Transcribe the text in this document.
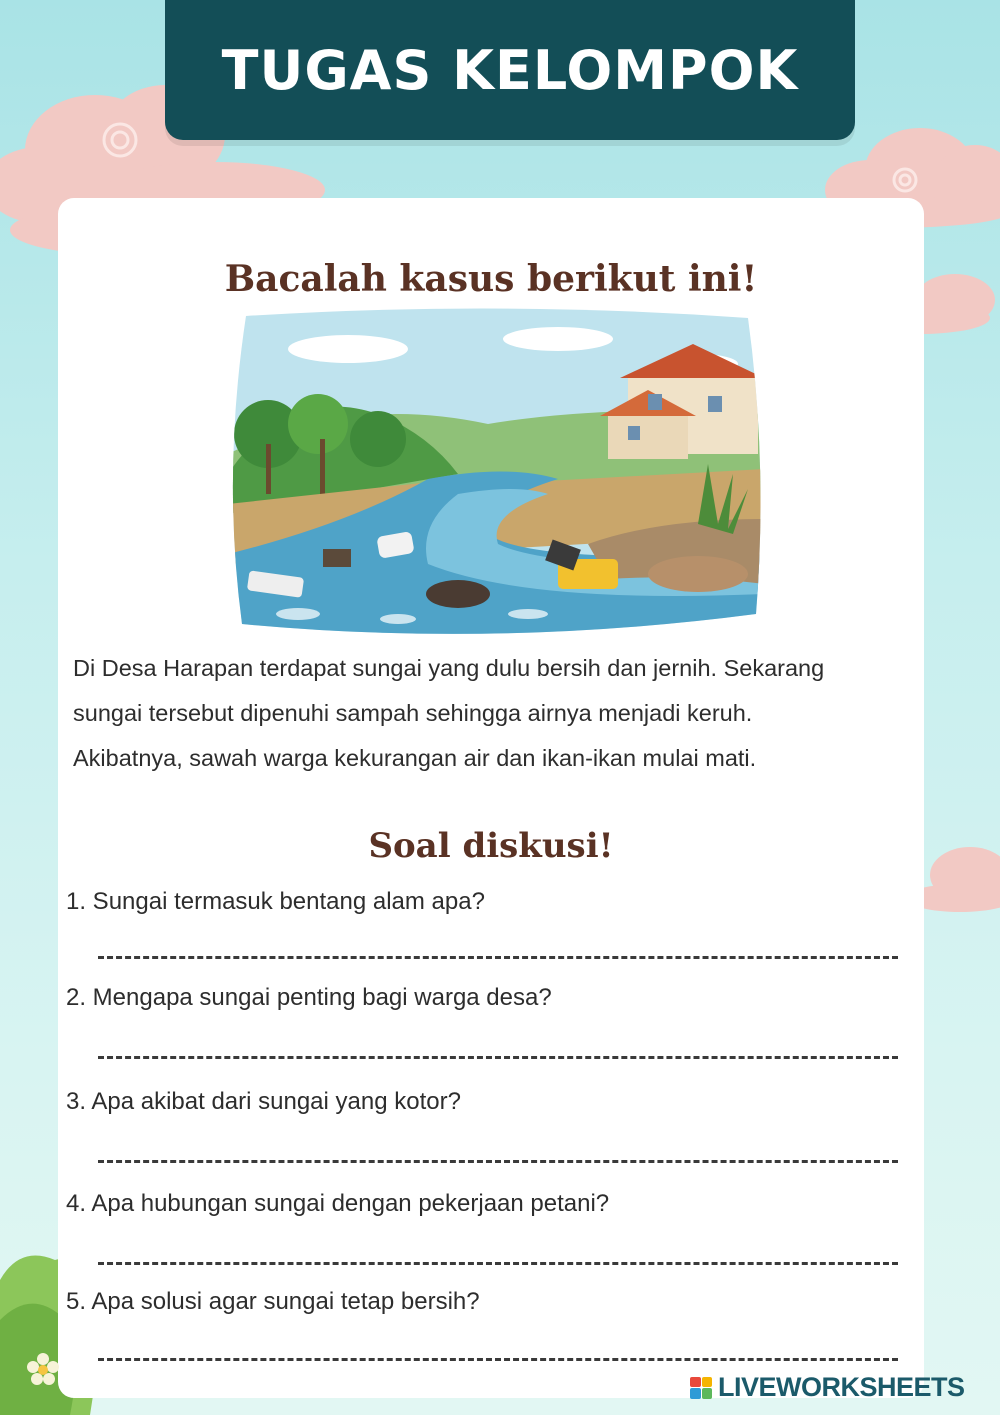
TUGAS KELOMPOK
Bacalah kasus berikut ini!

Di Desa Harapan terdapat sungai yang dulu bersih dan jernih. Sekarang

sungai tersebut dipenuhi sampah sehingga airnya menjadi keruh.

Akibatnya, sawah warga kekurangan air dan ikan-ikan mulai mati.

Soal diskusi!
1. Sungai termasuk bentang alam apa?
2. Mengapa sungai penting bagi warga desa?
3. Apa akibat dari sungai yang kotor?
4. Apa hubungan sungai dengan pekerjaan petani?
5. Apa solusi agar sungai tetap bersih?
LIVEWORKSHEETS
